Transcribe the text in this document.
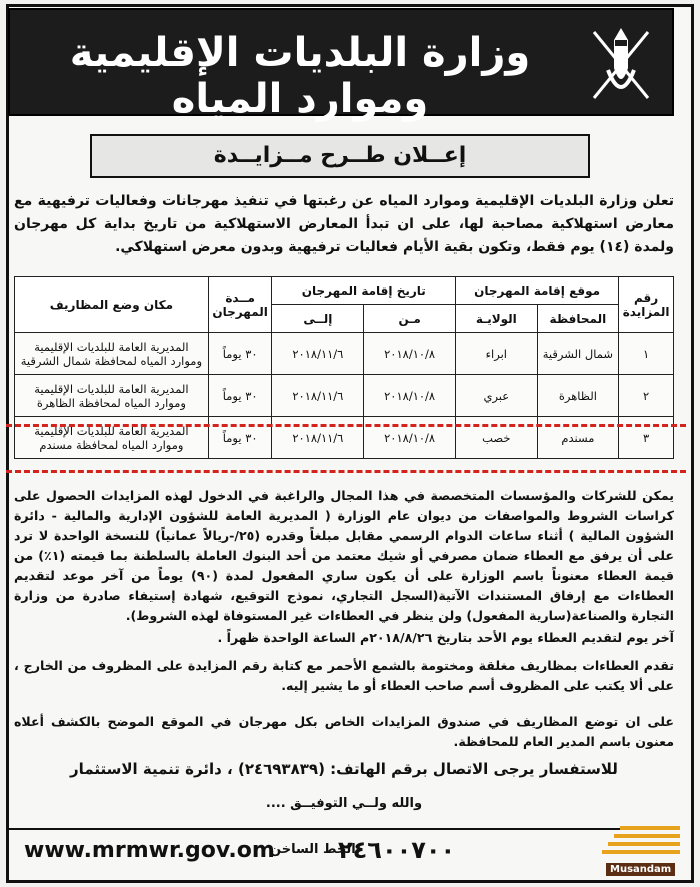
وزارة البلديات الإقليمية وموارد المياه
إعــلان طــرح مــزايــدة
تعلن وزارة البلديات الإقليمية وموارد المياه عن رغبتها في تنفيذ مهرجانات وفعاليات ترفيهية مع معارض استهلاكية مصاحبة لها، على ان تبدأ المعارض الاستهلاكية من تاريخ بداية كل مهرجان ولمدة (١٤) يوم فقط، وتكون بقية الأيام فعاليات ترفيهية وبدون معرض استهلاكي.
رقم المزايدة	موقع إقامة المهرجان		تاريخ إقامة المهرجان		مــدة المهرجان	مكان وضع المظاريف
	المحافظة	الولايـة	مـن	إلــى		
١	شمال الشرقية	ابراء	٢٠١٨/١٠/٨	٢٠١٨/١١/٦	٣٠ يوماً	المديرية العامة للبلديات الإقليمية وموارد المياه لمحافظة شمال الشرقية
٢	الظاهرة	عبري	٢٠١٨/١٠/٨	٢٠١٨/١١/٦	٣٠ يوماً	المديرية العامة للبلديات الإقليمية وموارد المياه لمحافظة الظاهرة
٣	مسندم	خصب	٢٠١٨/١٠/٨	٢٠١٨/١١/٦	٣٠ يوماً	المديرية العامة للبلديات الإقليمية وموارد المياه لمحافظة مسندم
يمكن للشركات والمؤسسات المتخصصة في هذا المجال والراغبة في الدخول لهذه المزايدات الحصول على كراسات الشروط والمواصفات من ديوان عام الوزارة ( المديرية العامة للشؤون الإدارية والمالية - دائرة الشؤون المالية ) أثناء ساعات الدوام الرسمي مقابل مبلغاً وقدره (٢٥/-ريالاً عمانياً) للنسخة الواحدة لا ترد على أن يرفق مع العطاء ضمان مصرفي أو شيك معتمد من أحد البنوك العاملة بالسلطنة بما قيمته (١٪) من قيمة العطاء معنوناً باسم الوزارة على أن يكون ساري المفعول لمدة (٩٠) يوماً من آخر موعد لتقديم العطاءات مع إرفاق المستندات الآتية(السجل التجاري، نموذج التوقيع، شهادة إستيفاء صادرة من وزارة التجارة والصناعة(سارية المفعول) ولن ينظر في العطاءات غير المستوفاة لهذه الشروط).
آخر يوم لتقديم العطاء يوم الأحد بتاريخ ٢٠١٨/٨/٢٦م الساعة الواحدة ظهراً .
تقدم العطاءات بمظاريف مغلقة ومختومة بالشمع الأحمر مع كتابة رقم المزايدة على المظروف من الخارج ، على ألا يكتب على المظروف أسم صاحب العطاء أو ما يشير إليه.
على ان توضع المظاريف في صندوق المزايدات الخاص بكل مهرجان في الموقع الموضح بالكشف أعلاه معنون باسم المدير العام للمحافظة.
للاستفسار يرجى الاتصال برقم الهاتف: (٢٤٦٩٣٨٣٩) ، دائرة تنمية الاستثمار
والله ولــي التوفيــق ....
www.mrmwr.gov.om
الخط الساخن
٢٤٦٠٠٧٠٠
Musandam
